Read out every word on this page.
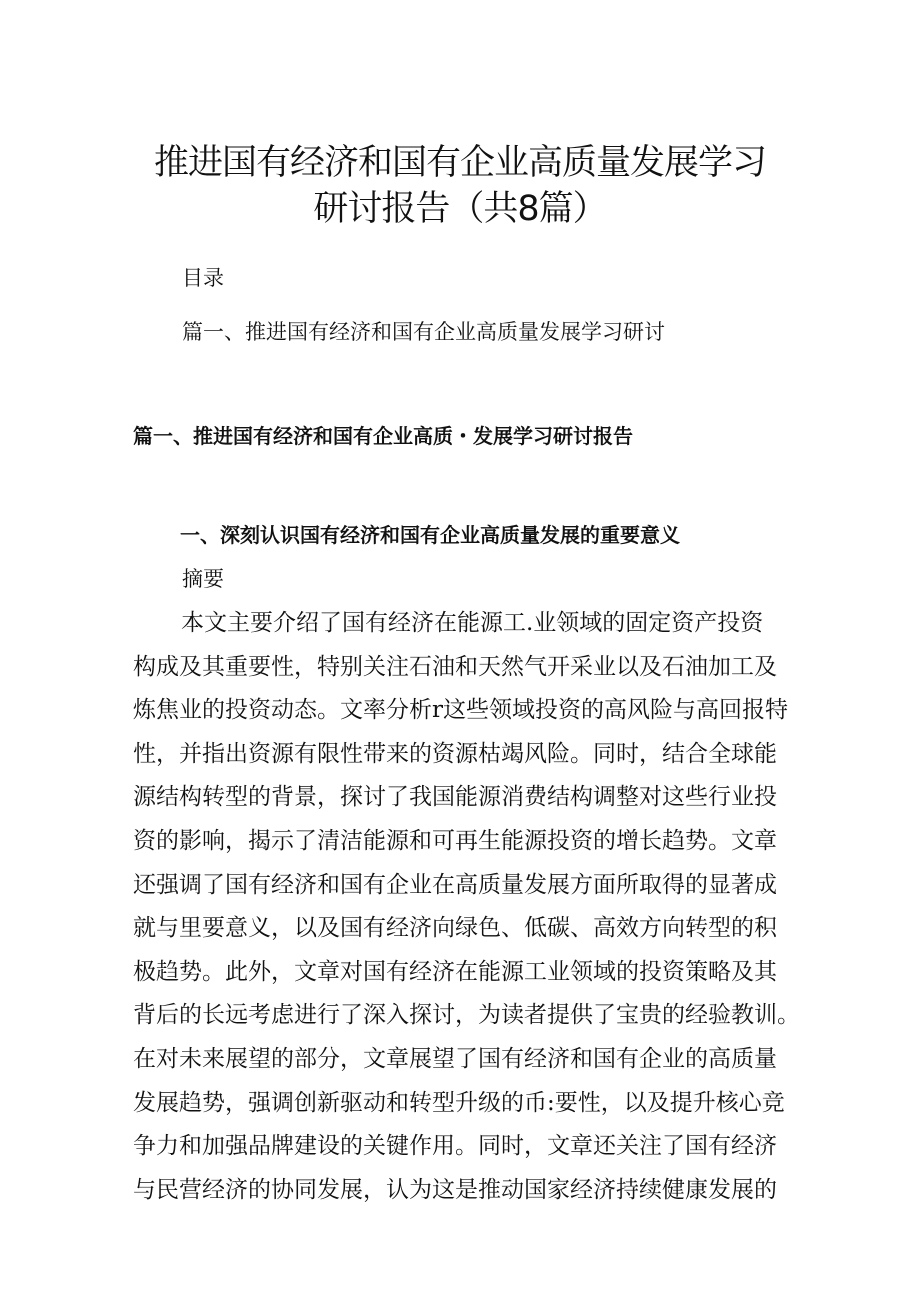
推进国有经济和国有企业高质量发展学习
研讨报告（共8篇）
目录
篇一、推进国有经济和国有企业高质量发展学习研讨
篇一、推进国有经济和国有企业高质・发展学习研讨报告
一、深刻认识国有经济和国有企业高质量发展的重要意义
摘要
本文主要介绍了国有经济在能源工.业领域的固定资产投资
构成及其重要性，特别关注石油和天然气开采业以及石油加工及
炼焦业的投资动态。文率分析r这些领域投资的高风险与高回报特
性，并指出资源有限性带来的资源枯竭风险。同时，结合全球能
源结构转型的背景，探讨了我国能源消费结构调整对这些行业投
资的影响，揭示了清洁能源和可再生能源投资的增长趋势。文章
还强调了国有经济和国有企业在高质量发展方面所取得的显著成
就与里要意义，以及国有经济向绿色、低碳、高效方向转型的积
极趋势。此外，文章对国有经济在能源工业领域的投资策略及其
背后的长远考虑进行了深入探讨，为读者提供了宝贵的经验教训。
在对未来展望的部分，文章展望了国有经济和国有企业的高质量
发展趋势，强调创新驱动和转型升级的币:要性，以及提升核心竞
争力和加强品牌建设的关键作用。同时，文章还关注了国有经济
与民营经济的协同发展，认为这是推动国家经济持续健康发展的
